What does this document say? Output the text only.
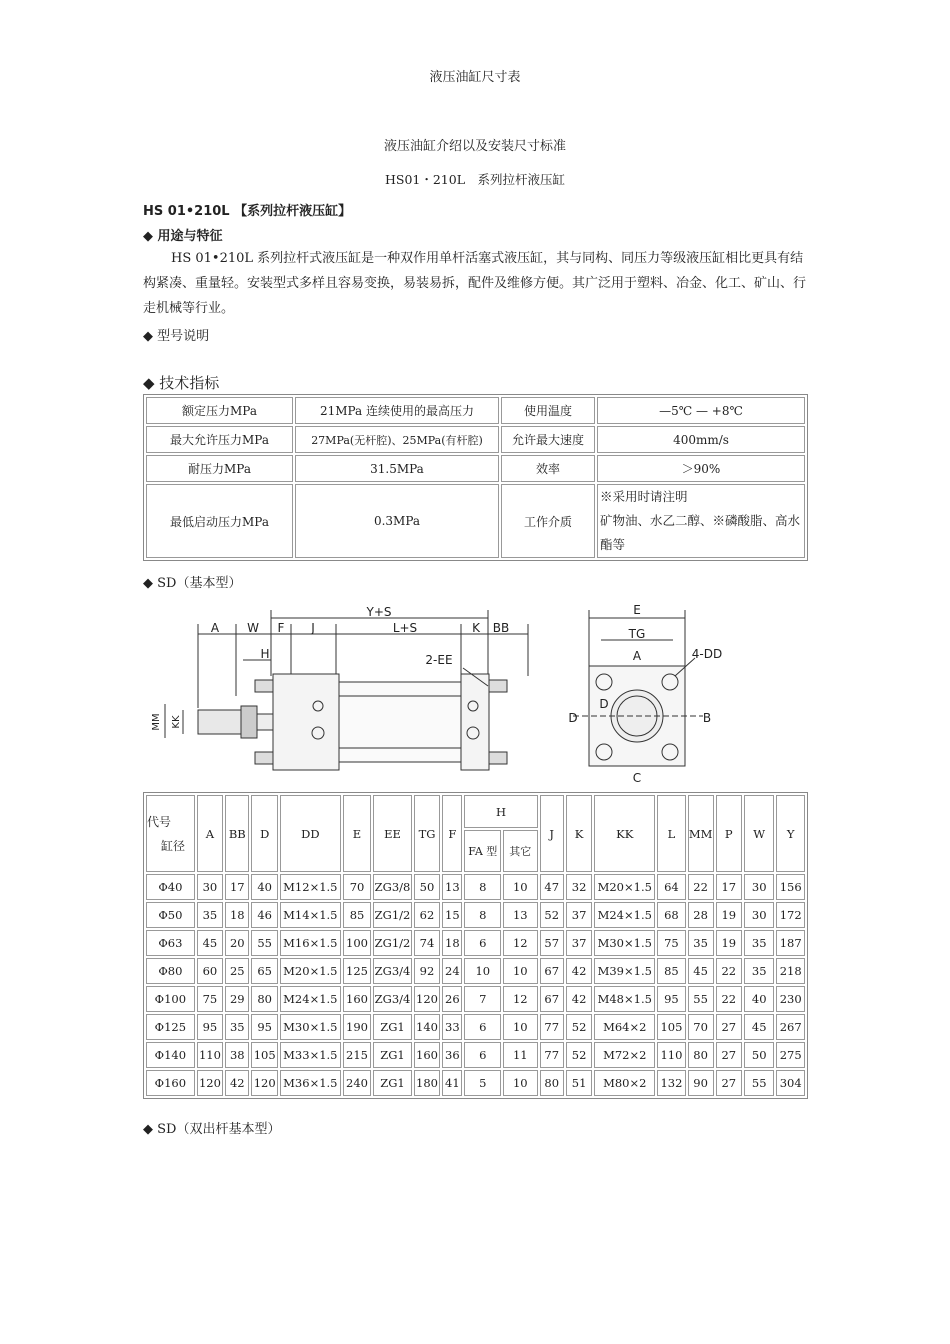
液压油缸尺寸表
液压油缸介绍以及安装尺寸标准
HS01・210L　系列拉杆液压缸
HS 01•210L 【系列拉杆液压缸】
◆ 用途与特征
HS 01•210L 系列拉杆式液压缸是一种双作用单杆活塞式液压缸，其与同构、同压力等级液压缸相比更具有结构紧凑、重量轻。安装型式多样且容易变换，易装易拆，配件及维修方便。其广泛用于塑料、冶金、化工、矿山、行走机械等行业。
◆ 型号说明
◆ 技术指标
额定压力MPa	21MPa 连续使用的最高压力	使用温度	—5℃ — +8℃
最大允许压力MPa	27MPa(无杆腔)、25MPa(有杆腔)	允许最大速度	400mm/s
耐压力MPa	31.5MPa	效率	＞90%
最低启动压力MPa	0.3MPa	工作介质	※采用时请注明
矿物油、水乙二醇、※磷酸脂、高水酯等
◆ SD（基本型）
Y+S
A W F J	L+S	K BB
H	2-EE
MM KK
E
TG
A	4-DD
D	B
D
C
代号
缸径	A	BB	D	DD	E	EE	TG	F	H		J	K	KK	L	MM	P	W	Y
									FA 型	其它								
Φ40	30	17	40	M12×1.5	70	ZG3/8	50	13	8	10	47	32	M20×1.5	64	22	17	30	156
Φ50	35	18	46	M14×1.5	85	ZG1/2	62	15	8	13	52	37	M24×1.5	68	28	19	30	172
Φ63	45	20	55	M16×1.5	100	ZG1/2	74	18	6	12	57	37	M30×1.5	75	35	19	35	187
Φ80	60	25	65	M20×1.5	125	ZG3/4	92	24	10	10	67	42	M39×1.5	85	45	22	35	218
Φ100	75	29	80	M24×1.5	160	ZG3/4	120	26	7	12	67	42	M48×1.5	95	55	22	40	230
Φ125	95	35	95	M30×1.5	190	ZG1	140	33	6	10	77	52	M64×2	105	70	27	45	267
Φ140	110	38	105	M33×1.5	215	ZG1	160	36	6	11	77	52	M72×2	110	80	27	50	275
Φ160	120	42	120	M36×1.5	240	ZG1	180	41	5	10	80	51	M80×2	132	90	27	55	304
◆ SD（双出杆基本型）
